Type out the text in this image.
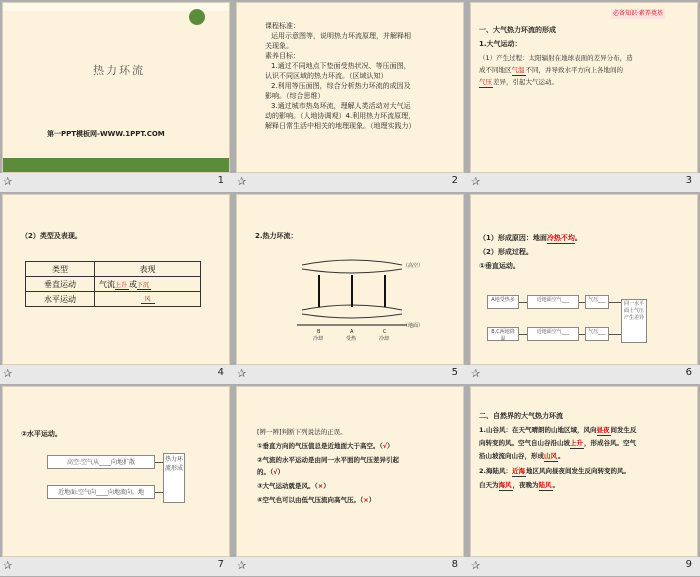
热力环流
第一PPT模板网-WWW.1PPT.COM
✰	1
课程标准：
运用示意图等，说明热力环流原理，并解释相
关现象。
素养目标：
1.通过不同地点下垫面受热状况、等压面图，
认识不同区域的热力环流。（区域认知）
2.利用等压面图，综合分析热力环流的成因及
影响。（综合思维）
3.通过城市热岛环流，理解人类活动对大气运
动的影响。（人地协调观）4.利用热力环流原理，
解释日常生活中相关的地理现象。（地理实践力）
✰	2
必备知识·素养奠基
一、大气热力环流的形成
1.大气运动：
（1）产生过程：太阳辐射在地球表面的差异分布，造
成不同地区气温不同，并导致水平方向上各地间的
气压差异，引起大气运动。
✰	3
（2）类型及表现。
类型	表现
垂直运动	气流上升 或下沉
水平运动	风
✰	4
2.热力环流：
（高空）
（地面）
B	A	C
冷却	受热	冷却
✰	5
（1）形成原因：地面冷热不均。
（2）形成过程。
①垂直运动。
A地受热多	近地面空气___	气压___
同一水平面上气压产生差异
B,C两地降温
近地面空气___	气压___
✰	6
②水平运动。
高空:空气从____向地扩散
近地面:空气向____向地流向。地
热力环流形成
✰	7
[辨一辨]判断下列说法的正误。
①垂直方向的气压值总是近地面大于高空。（√）
②气流的水平运动是由同一水平面的气压差异引起
的。（√）
③大气运动就是风。（×）
④空气也可以由低气压流向高气压。（×）
✰	8
二、自然界的大气热力环流
1.山谷风：在天气晴朗的山地区域，风向昼夜间发生反
向转变的风。空气自山谷沿山坡上升，形成谷风。空气
沿山坡流向山谷，形成山风。
2.海陆风：近海地区风向昼夜间发生反向转变的风。
白天为海风，夜晚为陆风。
✰	9
